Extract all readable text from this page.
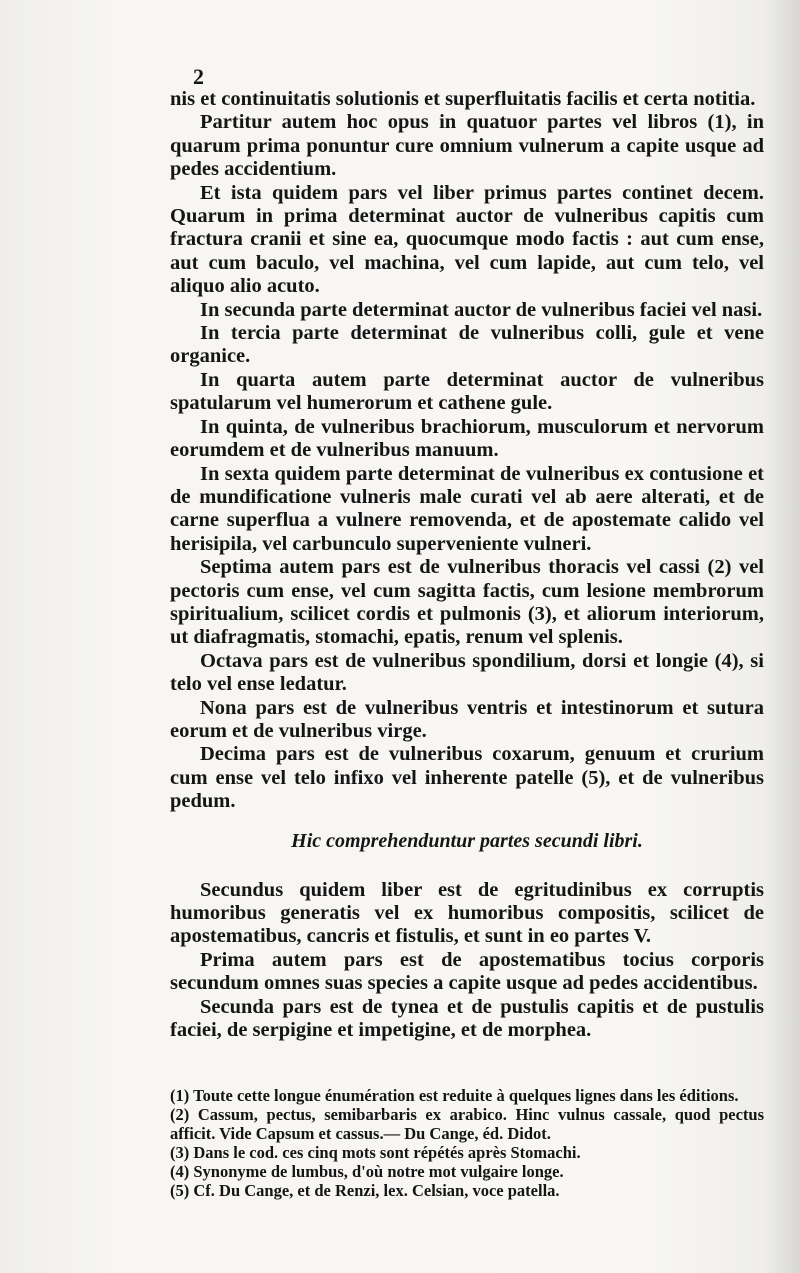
2

nis et continuitatis solutionis et superfluitatis facilis et certa notitia.

Partitur autem hoc opus in quatuor partes vel libros (1), in quarum prima ponuntur cure omnium vulnerum a capite usque ad pedes accidentium.

Et ista quidem pars vel liber primus partes continet decem. Quarum in prima determinat auctor de vulneribus capitis cum fractura cranii et sine ea, quocumque modo factis : aut cum ense, aut cum baculo, vel machina, vel cum lapide, aut cum telo, vel aliquo alio acuto.

In secunda parte determinat auctor de vulneribus faciei vel nasi.

In tercia parte determinat de vulneribus colli, gule et vene organice.

In quarta autem parte determinat auctor de vulneribus spatularum vel humerorum et cathene gule.

In quinta, de vulneribus brachiorum, musculorum et nervorum eorumdem et de vulneribus manuum.

In sexta quidem parte determinat de vulneribus ex contusione et de mundificatione vulneris male curati vel ab aere alterati, et de carne superflua a vulnere removenda, et de apostemate calido vel herisipila, vel carbunculo superveniente vulneri.

Septima autem pars est de vulneribus thoracis vel cassi (2) vel pectoris cum ense, vel cum sagitta factis, cum lesione membrorum spiritualium, scilicet cordis et pulmonis (3), et aliorum interiorum, ut diafragmatis, stomachi, epatis, renum vel splenis.

Octava pars est de vulneribus spondilium, dorsi et longie (4), si telo vel ense ledatur.

Nona pars est de vulneribus ventris et intestinorum et sutura eorum et de vulneribus virge.

Decima pars est de vulneribus coxarum, genuum et crurium cum ense vel telo infixo vel inherente patelle (5), et de vulneribus pedum.

Hic comprehenduntur partes secundi libri.

Secundus quidem liber est de egritudinibus ex corruptis humoribus generatis vel ex humoribus compositis, scilicet de apostematibus, cancris et fistulis, et sunt in eo partes V.

Prima autem pars est de apostematibus tocius corporis secundum omnes suas species a capite usque ad pedes accidentibus.

Secunda pars est de tynea et de pustulis capitis et de pustulis faciei, de serpigine et impetigine, et de morphea.

(1) Toute cette longue énumération est reduite à quelques lignes dans les éditions.

(2) Cassum, pectus, semibarbaris ex arabico. Hinc vulnus cassale, quod pectus afficit. Vide Capsum et cassus.— Du Cange, éd. Didot.

(3) Dans le cod. ces cinq mots sont répétés après Stomachi.

(4) Synonyme de lumbus, d'où notre mot vulgaire longe.

(5) Cf. Du Cange, et de Renzi, lex. Celsian, voce patella.
